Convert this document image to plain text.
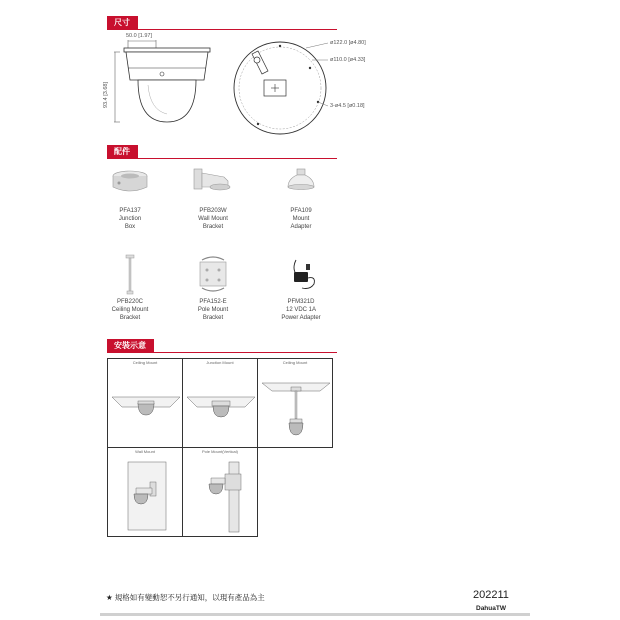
尺寸
50.0 [1.97]
93.4 [3.68]
ø122.0 [ø4.80]
ø110.0 [ø4.33]
3-ø4.5 [ø0.18]
配件
PFA137
Junction
Box
PFB203W
Wall Mount
Bracket
PFA109
Mount
Adapter
PFB220C
Ceiling Mount
Bracket
PFA152-E
Pole Mount
Bracket
PFM321D
12 VDC 1A
Power Adapter
安裝示意
Ceiling Mount	Junction Mount	Ceiling Mount
Wall Mount	Pole Mount(Vertical)
★ 規格如有變動恕不另行通知，以現有產品為主	202211
DahuaTW
